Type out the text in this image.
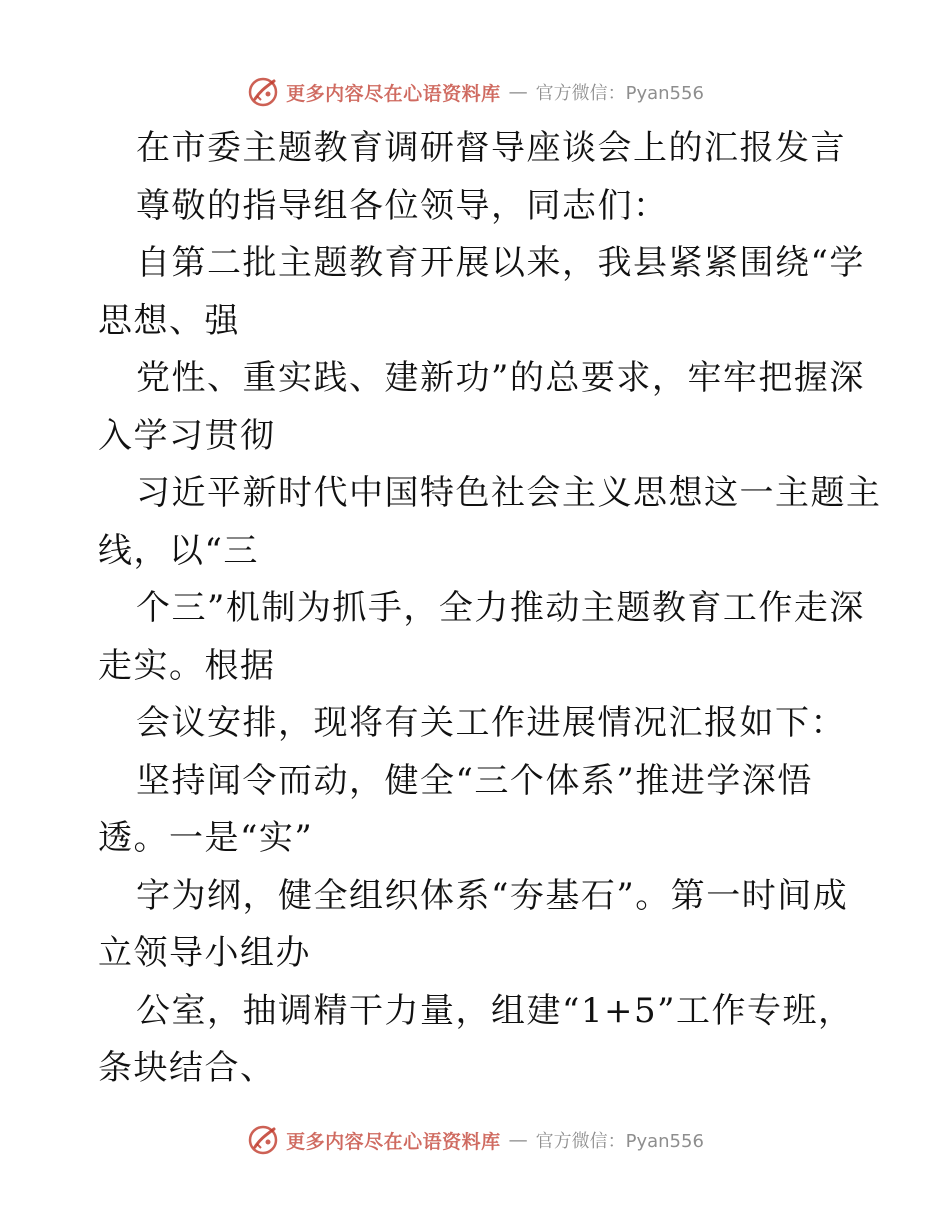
更多内容尽在心语资料库 — 官方微信：Pyan556
在市委主题教育调研督导座谈会上的汇报发言
尊敬的指导组各位领导，同志们：
自第二批主题教育开展以来，我县紧紧围绕“学
思想、强
党性、重实践、建新功”的总要求，牢牢把握深
入学习贯彻
习近平新时代中国特色社会主义思想这一主题主
线，以“三
个三”机制为抓手，全力推动主题教育工作走深
走实。根据
会议安排，现将有关工作进展情况汇报如下：
坚持闻令而动，健全“三个体系”推进学深悟
透。一是“实”
字为纲，健全组织体系“夯基石”。第一时间成
立领导小组办
公室，抽调精干力量，组建“1+5”工作专班，
条块结合、
更多内容尽在心语资料库 — 官方微信：Pyan556
